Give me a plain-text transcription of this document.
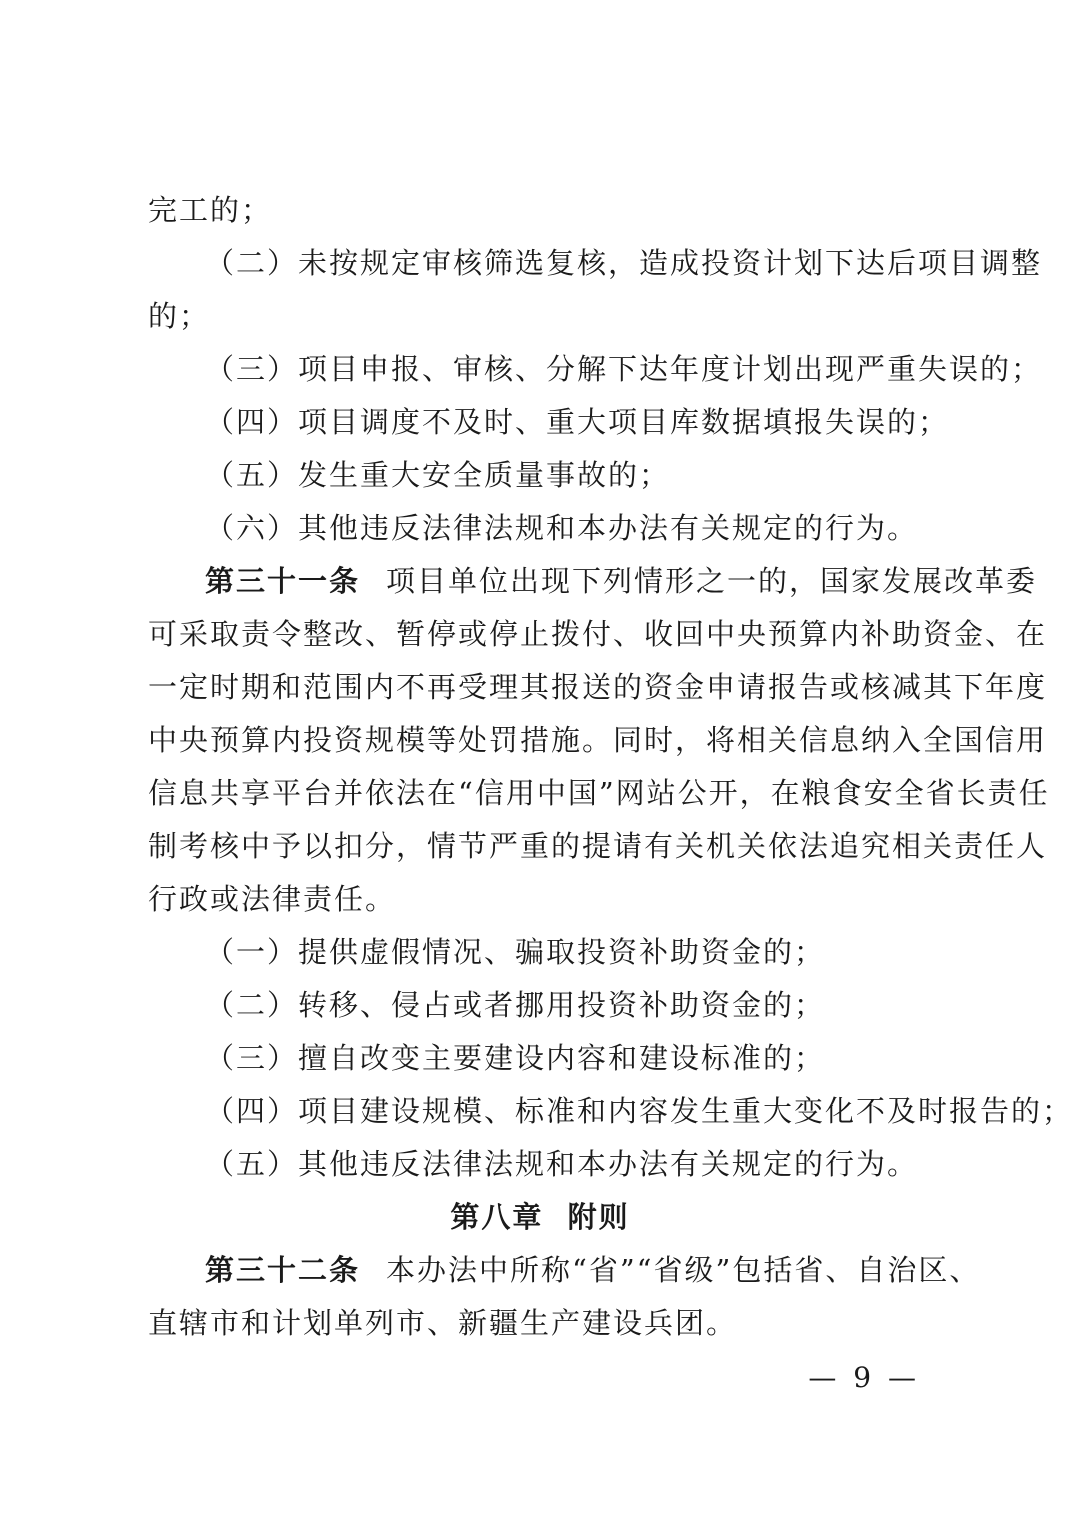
完工的；
（二）未按规定审核筛选复核，造成投资计划下达后项目调整
的；
（三）项目申报、审核、分解下达年度计划出现严重失误的；
（四）项目调度不及时、重大项目库数据填报失误的；
（五）发生重大安全质量事故的；
（六）其他违反法律法规和本办法有关规定的行为。
第三十一条 项目单位出现下列情形之一的，国家发展改革委
可采取责令整改、暂停或停止拨付、收回中央预算内补助资金、在
一定时期和范围内不再受理其报送的资金申请报告或核减其下年度
中央预算内投资规模等处罚措施。同时，将相关信息纳入全国信用
信息共享平台并依法在“信用中国”网站公开，在粮食安全省长责任
制考核中予以扣分，情节严重的提请有关机关依法追究相关责任人
行政或法律责任。
（一）提供虚假情况、骗取投资补助资金的；
（二）转移、侵占或者挪用投资补助资金的；
（三）擅自改变主要建设内容和建设标准的；
（四）项目建设规模、标准和内容发生重大变化不及时报告的；
（五）其他违反法律法规和本办法有关规定的行为。
第八章  附则
第三十二条 本办法中所称“省”“省级”包括省、自治区、
直辖市和计划单列市、新疆生产建设兵团。
— 9 —
